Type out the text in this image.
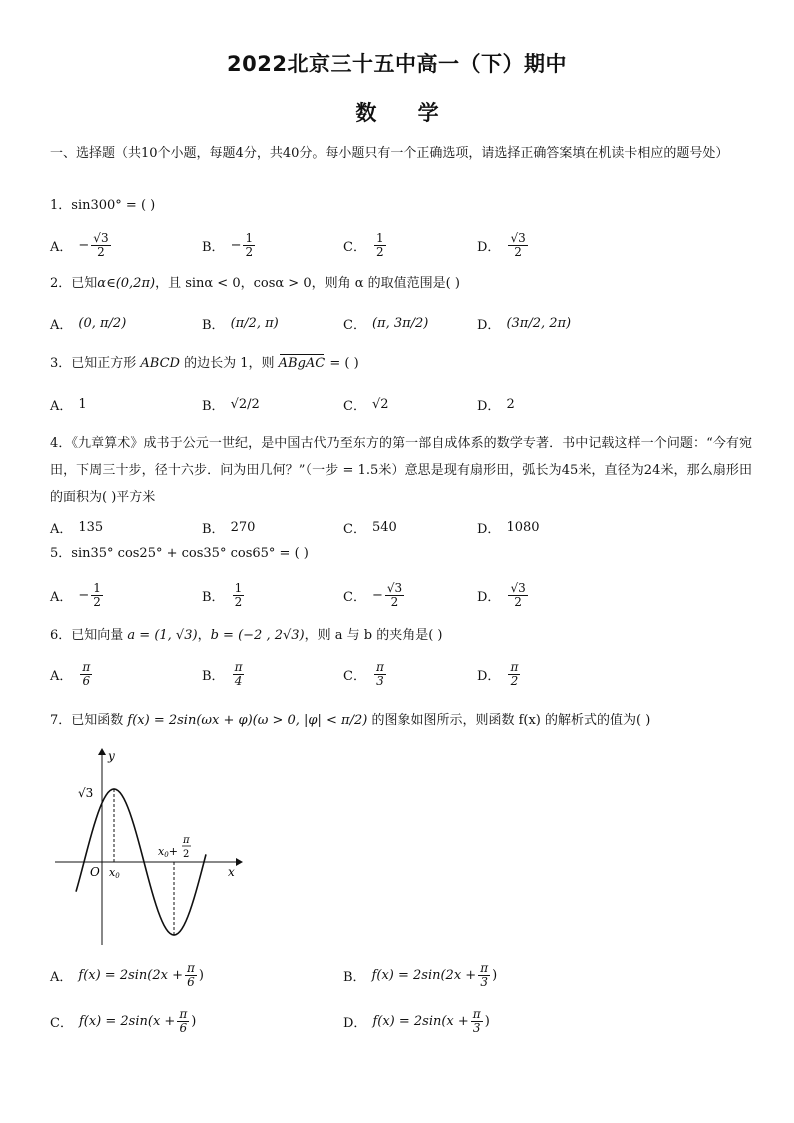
2022北京三十五中高一（下）期中
数 学
一、选择题（共10个小题，每题4分，共40分。每小题只有一个正确选项，请选择正确答案填在机读卡相应的题号处）
1．sin300° = ( )
A． − $\frac{√3}{2}$	B． − $\frac{1}{2}$	C． $\frac{1}{2}$	D． $\frac{√3}{2}$
2．已知α∈(0,2π)，且 sinα < 0，cosα > 0，则角 α 的取值范围是( )
A． (0, π/2)	B． (π/2, π)	C． (π, 3π/2)	D． (3π/2, 2π)
3．已知正方形 ABCD 的边长为 1，则 ABgAC = ( )
A． 1	B． √2/2	C． √2	D． 2
4．《九章算术》成书于公元一世纪，是中国古代乃至东方的第一部自成体系的数学专著．书中记载这样一个问题：“今有宛田，下周三十步，径十六步．问为田几何？”（一步 = 1.5米）意思是现有扇形田，弧长为45米，直径为24米，那么扇形田的面积为( )平方米
A． 135	B． 270	C． 540	D． 1080
5．sin35° cos25° + cos35° cos65° = ( )
A． − $\frac{1}{2}$	B． $\frac{1}{2}$	C． − $\frac{√3}{2}$	D． $\frac{√3}{2}$
6．已知向量 a = (1, √3)，b = (−2 , 2√3)，则 a 与 b 的夹角是( )
A． $\frac{\pi}{6}$	B． $\frac{\pi}{4}$	C． $\frac{\pi}{3}$	D． $\frac{\pi}{2}$
7．已知函数 f(x) = 2sin(ωx + φ)(ω > 0, |φ| < π/2) 的图象如图所示，则函数 f(x) 的解析式的值为( )
y
x
O
√3
x0
x0+
π
2
A． $f(x) = 2\sin(2x + \frac{\pi}{6}$ )	B． $f(x) = 2\sin(2x + \frac{\pi}{3}$ )
C． $f(x) = 2\sin(x + \frac{\pi}{6}$ )	D． $f(x) = 2\sin(x + \frac{\pi}{3}$ )
